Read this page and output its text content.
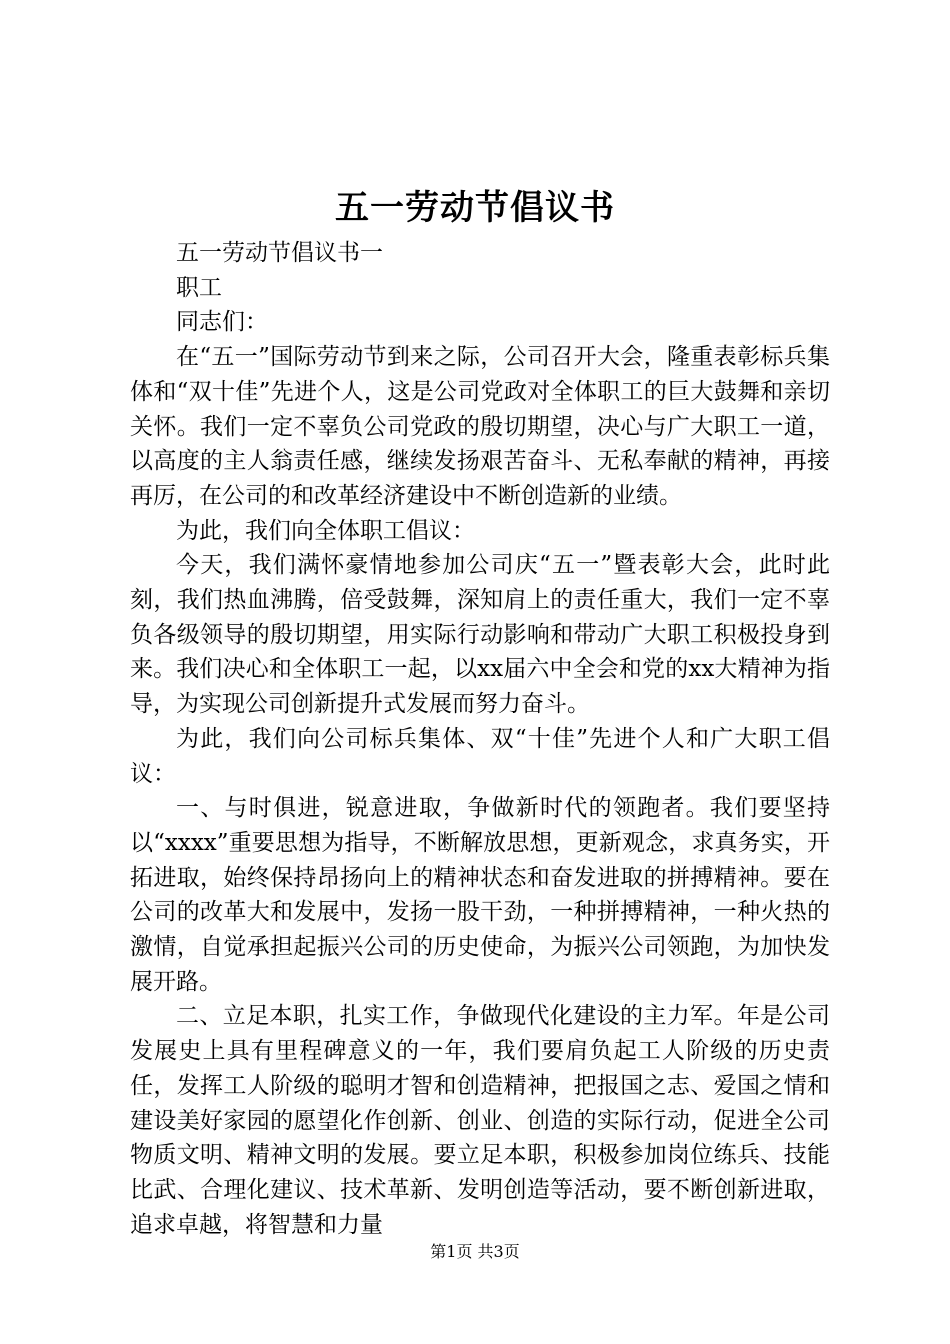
五一劳动节倡议书

五一劳动节倡议书一

职工

同志们：

在“五一”国际劳动节到来之际，公司召开大会，隆重表彰标兵集体和“双十佳”先进个人，这是公司党政对全体职工的巨大鼓舞和亲切关怀。我们一定不辜负公司党政的殷切期望，决心与广大职工一道，以高度的主人翁责任感，继续发扬艰苦奋斗、无私奉献的精神，再接再厉，在公司的和改革经济建设中不断创造新的业绩。

为此，我们向全体职工倡议：

今天，我们满怀豪情地参加公司庆“五一”暨表彰大会，此时此刻，我们热血沸腾，倍受鼓舞，深知肩上的责任重大，我们一定不辜负各级领导的殷切期望，用实际行动影响和带动广大职工积极投身到来。我们决心和全体职工一起，以xx届六中全会和党的xx大精神为指导，为实现公司创新提升式发展而努力奋斗。

为此，我们向公司标兵集体、双“十佳”先进个人和广大职工倡议：

一、与时俱进，锐意进取，争做新时代的领跑者。我们要坚持以“xxxx”重要思想为指导，不断解放思想，更新观念，求真务实，开拓进取，始终保持昂扬向上的精神状态和奋发进取的拼搏精神。要在公司的改革大和发展中，发扬一股干劲，一种拼搏精神，一种火热的激情，自觉承担起振兴公司的历史使命，为振兴公司领跑，为加快发展开路。

二、立足本职，扎实工作，争做现代化建设的主力军。年是公司发展史上具有里程碑意义的一年，我们要肩负起工人阶级的历史责任，发挥工人阶级的聪明才智和创造精神，把报国之志、爱国之情和建设美好家园的愿望化作创新、创业、创造的实际行动，促进全公司物质文明、精神文明的发展。要立足本职，积极参加岗位练兵、技能比武、合理化建议、技术革新、发明创造等活动，要不断创新进取，追求卓越，将智慧和力量

第1页 共3页
